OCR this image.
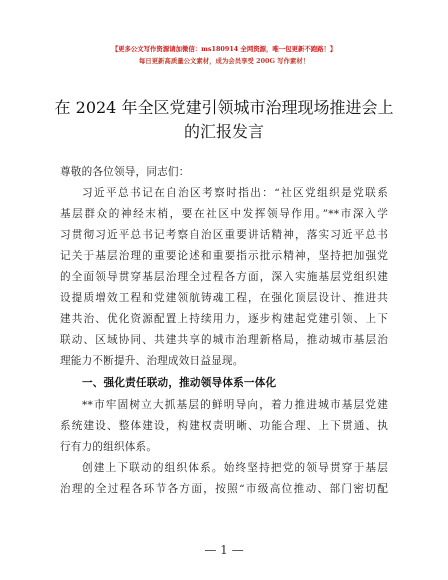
【更多公文写作资源请加微信：ms180914 全网资源，唯一包更新不跑路！】
每日更新高质量公文素材，成为会员享受 200G 写作素材！
在 2024 年全区党建引领城市治理现场推进会上
的汇报发言
尊敬的各位领导，同志们：
习近平总书记在自治区考察时指出：“社区党组织是党联系
基层群众的神经末梢，要在社区中发挥领导作用。”**市深入学
习贯彻习近平总书记考察自治区重要讲话精神，落实习近平总书
记关于基层治理的重要论述和重要指示批示精神，坚持把加强党
的全面领导贯穿基层治理全过程各方面，深入实施基层党组织建
设提质增效工程和党建领航铸魂工程，在强化顶层设计、推进共
建共治、优化资源配置上持续用力，逐步构建起党建引领、上下
联动、区域协同、共建共享的城市治理新格局，推动城市基层治
理能力不断提升、治理成效日益显现。
一、强化责任联动，推动领导体系一体化
**市牢固树立大抓基层的鲜明导向，着力推进城市基层党建
系统建设、整体建设，构建权责明晰、功能合理、上下贯通、执
行有力的组织体系。
创建上下联动的组织体系。始终坚持把党的领导贯穿于基层
治理的全过程各环节各方面，按照“市级高位推动、部门密切配
— 1 —
